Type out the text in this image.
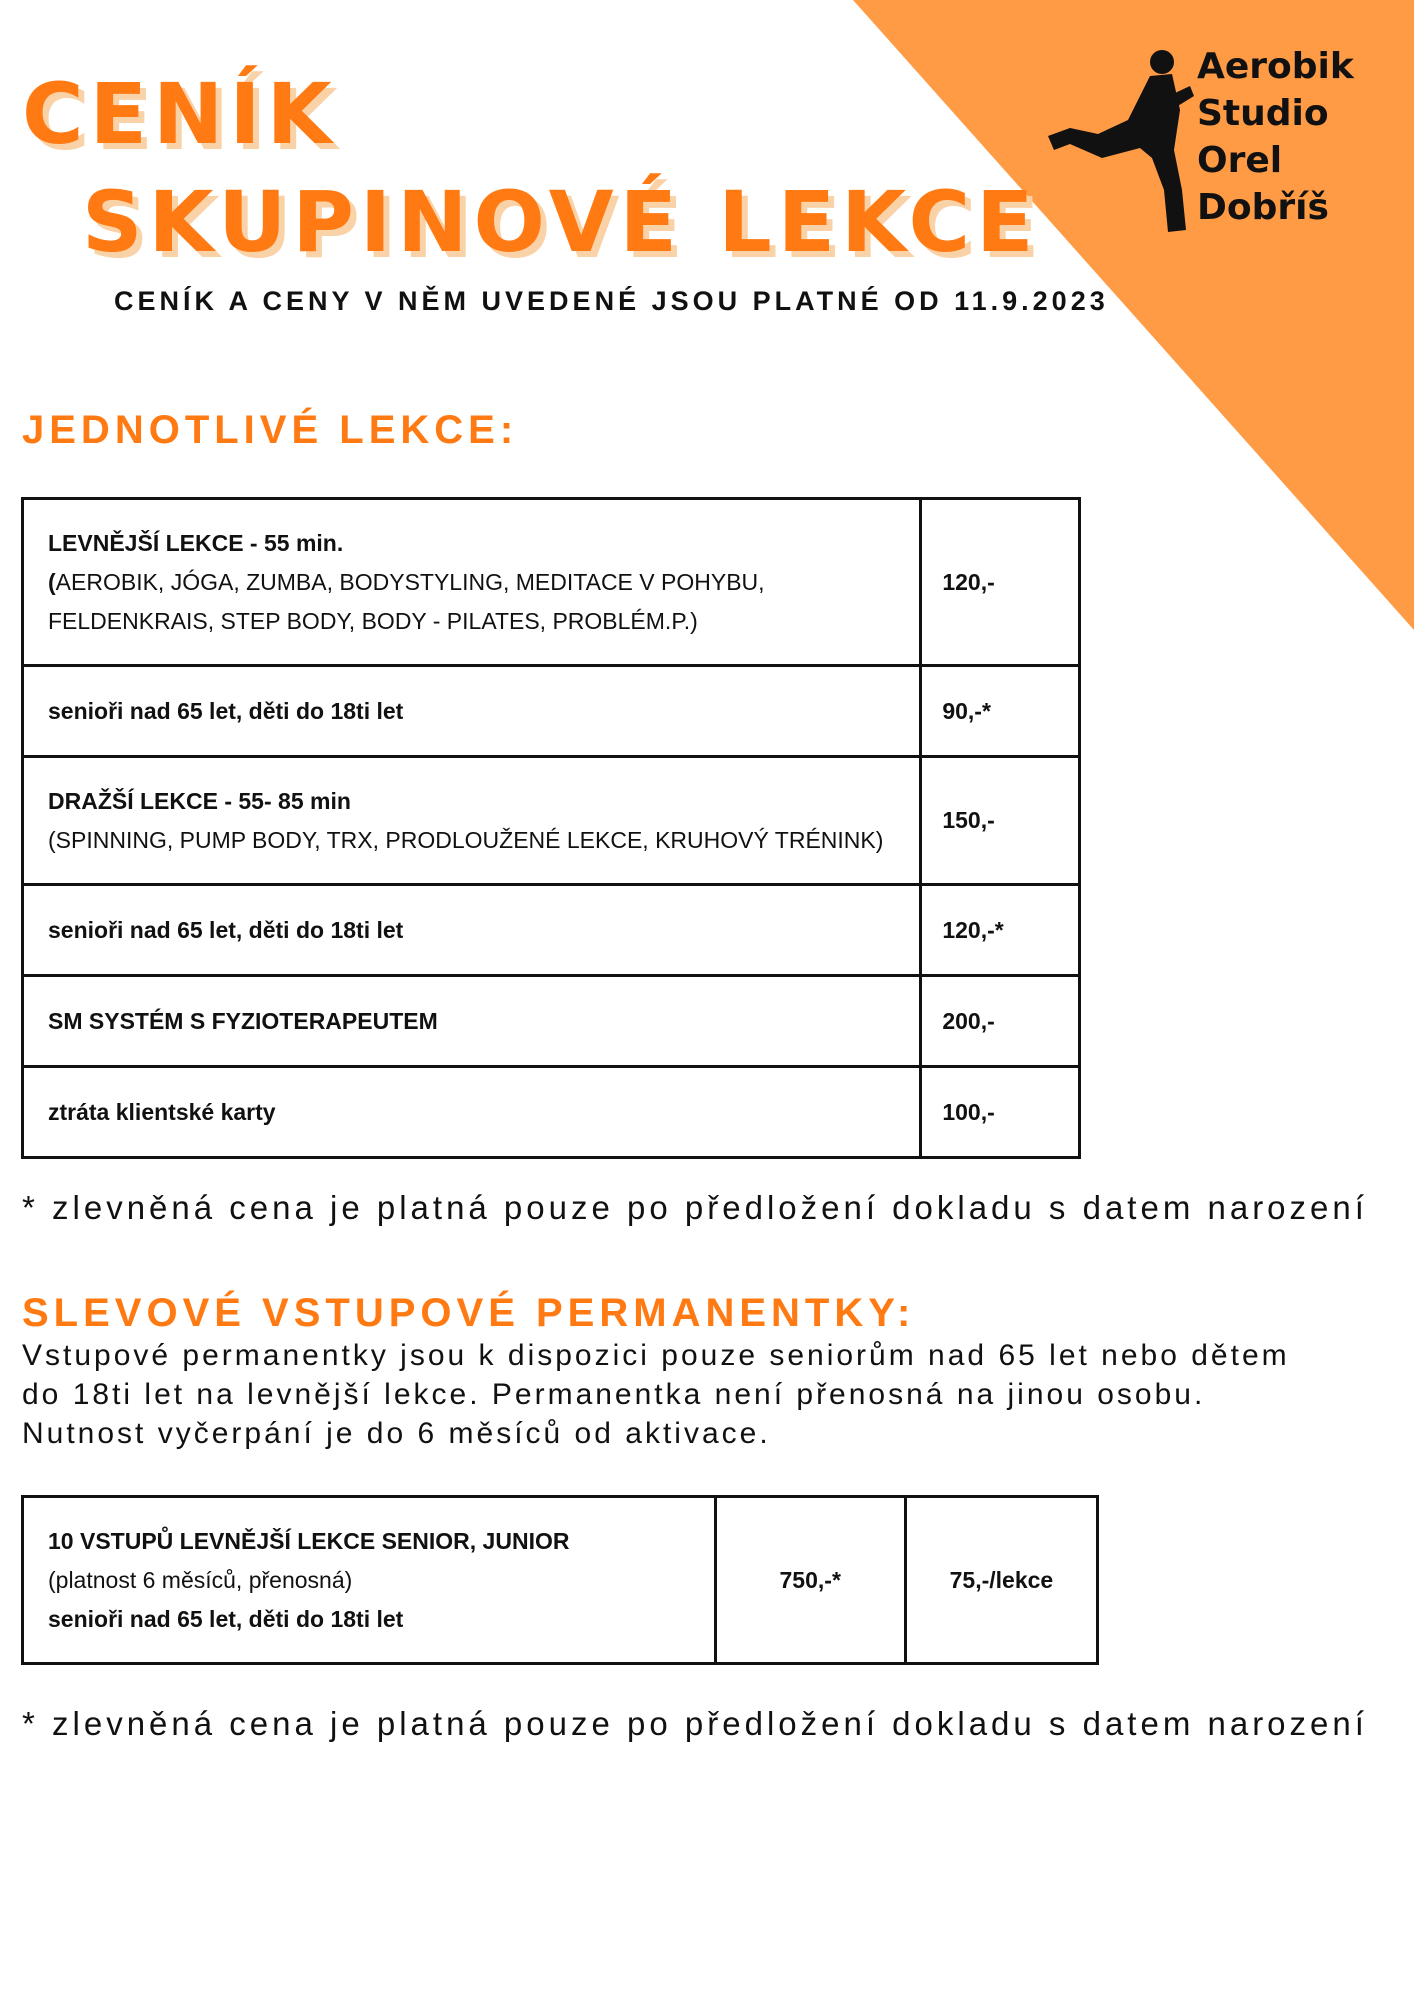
Aerobik
Studio
Orel
Dobříš
CENÍK
SKUPINOVÉ LEKCE
CENÍK A CENY V NĚM UVEDENÉ JSOU PLATNÉ OD 11.9.2023
JEDNOTLIVÉ LEKCE:
LEVNĚJŠÍ LEKCE - 55 min.
(AEROBIK, JÓGA, ZUMBA, BODYSTYLING, MEDITACE V POHYBU,
FELDENKRAIS, STEP BODY, BODY - PILATES, PROBLÉM.P.)	120,-
senioři nad 65 let, děti do 18ti let	90,-*

DRAŽŠÍ LEKCE - 55- 85 min
(SPINNING, PUMP BODY, TRX, PRODLOUŽENÉ LEKCE, KRUHOVÝ TRÉNINK)	150,-
senioři nad 65 let, děti do 18ti let	120,-*
SM SYSTÉM S FYZIOTERAPEUTEM	200,-
ztráta klientské karty	100,-
* zlevněná cena je platná pouze po předložení dokladu s datem narození
SLEVOVÉ VSTUPOVÉ PERMANENTKY:
Vstupové permanentky jsou k dispozici pouze seniorům nad 65 let nebo dětem
do 18ti let na levnější lekce. Permanentka není přenosná na jinou osobu.
Nutnost vyčerpání je do 6 měsíců od aktivace.
10 VSTUPŮ LEVNĚJŠÍ LEKCE SENIOR, JUNIOR
(platnost 6 měsíců, přenosná)
senioři nad 65 let, děti do 18ti let
	750,-*	75,-/lekce
* zlevněná cena je platná pouze po předložení dokladu s datem narození
